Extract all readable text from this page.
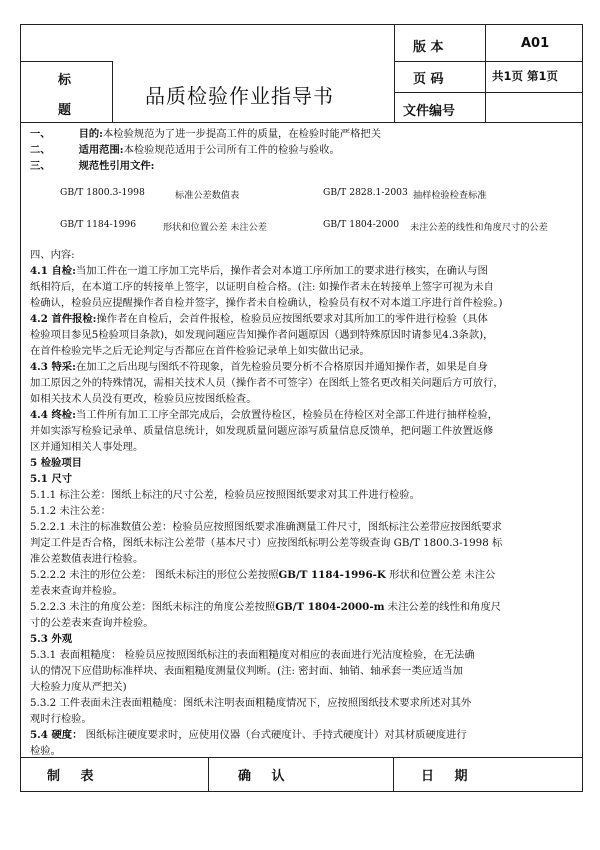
标
题
品质检验作业指导书
版 本	A01
页 码	共1页 第1页
文件编号
一、	目的:本检验规范为了进一步提高工件的质量，在检验时能严格把关
二、	适用范围:本检验规范适用于公司所有工件的检验与验收。
三、	规范性引用文件:
GB/T 1800.3-1998	标准公差数值表	GB/T 2828.1-2003 抽样检验检查标准
GB/T 1184-1996	形状和位置公差 未注公差	GB/T 1804-2000 未注公差的线性和角度尺寸的公差
四、内容:
4.1 自检:当加工件在一道工序加工完毕后，操作者会对本道工序所加工的要求进行核实，在确认与图
纸相符后，在本道工序的转接单上签字，以证明自检合格。(注: 如操作者未在转接单上签字可视为未自
检确认，检验员应提醒操作者自检并签字，操作者未自检确认，检验员有权不对本道工序进行首件检验。)
4.2 首件报检:操作者在自检后，会首件报检，检验员应按图纸要求对其所加工的零件进行检验（具体
检验项目参见5检验项目条款)，如发现问题应告知操作者问题原因（遇到特殊原因时请参见4.3条款)，
在首件检验完毕之后无论判定与否都应在首件检验记录单上如实做出记录。
4.3 特采:在加工之后出现与图纸不符现象，首先检验员要分析不合格原因并通知操作者，如果是自身
加工原因之外的特殊情况，需相关技术人员（操作者不可签字）在图纸上签名更改相关问题后方可放行，
如相关技术人员没有更改，检验员应按图纸检查。
4.4 终检:当工件所有加工工序全部完成后，会放置待检区，检验员在待检区对全部工件进行抽样检验，
并如实添写检验记录单、质量信息统计，如发现质量问题应添写质量信息反馈单，把问题工件放置返修
区并通知相关人事处理。
5 检验项目
5.1 尺寸
5.1.1 标注公差：图纸上标注的尺寸公差，检验员应按照图纸要求对其工件进行检验。
5.1.2 未注公差：
5.2.2.1 未注的标准数值公差：检验员应按照图纸要求准确测量工件尺寸，图纸标注公差带应按图纸要求
判定工件是否合格，图纸未标注公差带（基本尺寸）应按图纸标明公差等级查询 GB/T 1800.3-1998 标
准公差数值表进行检验。
5.2.2.2 未注的形位公差： 图纸未标注的形位公差按照GB/T 1184-1996-K 形状和位置公差 未注公
差表来查询并检验。
5.2.2.3 未注的角度公差：图纸未标注的角度公差按照GB/T 1804-2000-m 未注公差的线性和角度尺
寸的公差表来查询并检验。
5.3 外观
5.3.1 表面粗糙度： 检验员应按照图纸标注的表面粗糙度对相应的表面进行光洁度检验，在无法确
认的情况下应借助标准样块、表面粗糙度测量仪判断。(注: 密封面、轴销、轴承套一类应适当加
大检验力度从严把关)
5.3.2 工件表面未注表面粗糙度：图纸未注明表面粗糙度情况下，应按照图纸技术要求所述对其外
观时行检验。
5.4 硬度： 图纸标注硬度要求时，应使用仪器（台式硬度计、手持式硬度计）对其材质硬度进行
检验。
制 表	确 认	日 期
